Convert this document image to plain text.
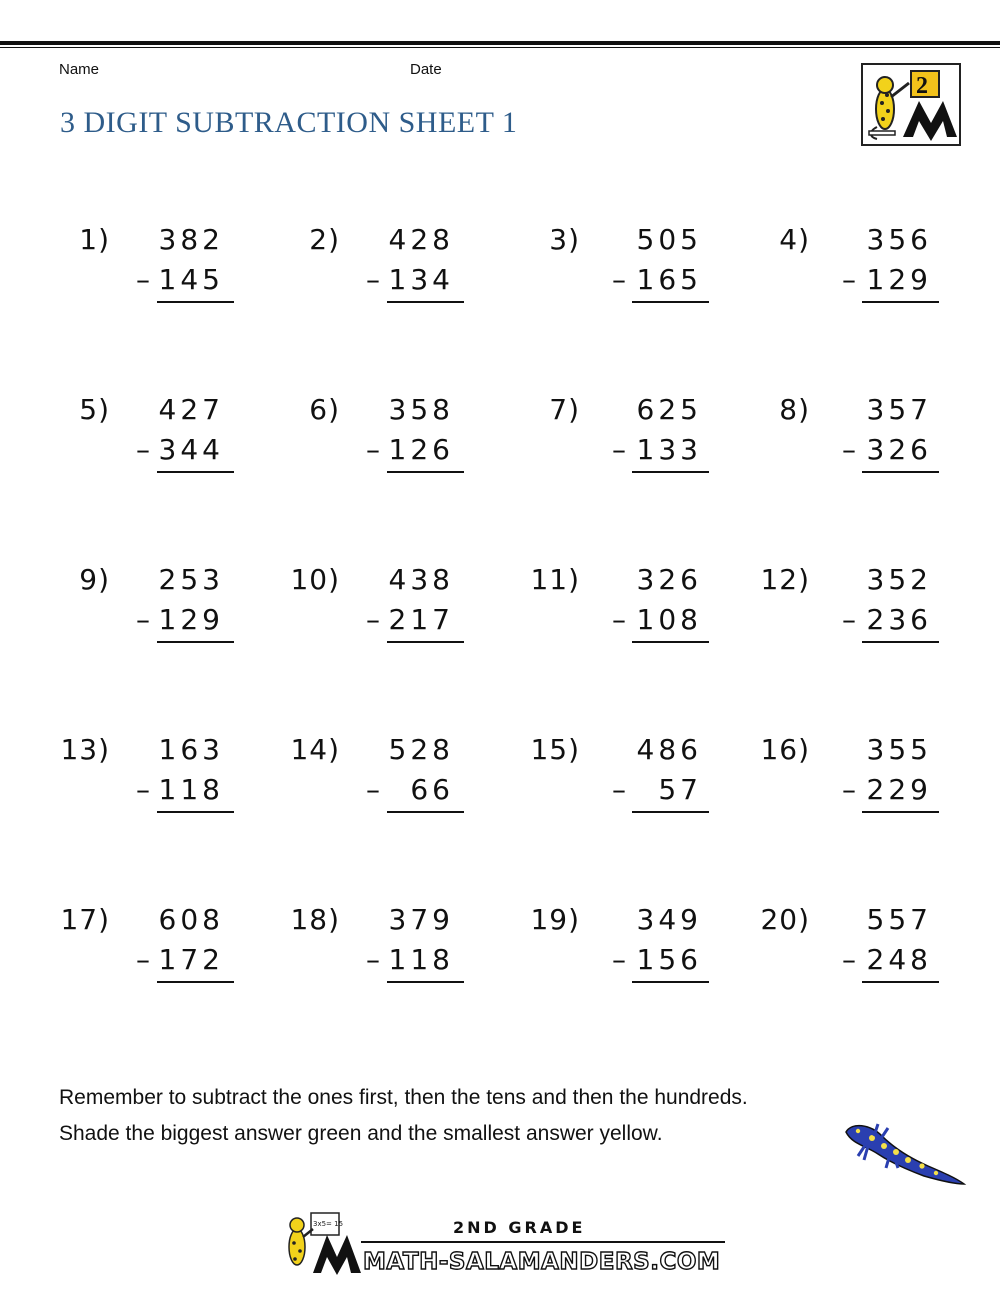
Name	Date
3 DIGIT SUBTRACTION SHEET 1
2
1)	382
– 145
2)	428
– 134
3)	505
– 165
4)	356
– 129
5)	427
– 344
6)	358
– 126
7)	625
– 133
8)	357
– 326
9)	253
– 129
10)	438
– 217
11)	326
– 108
12)	352
– 236
13)	163
– 118
14)	528
–	66
15)	486
–	57
16)	355
– 229
17)	608
– 172
18)	379
– 118
19)	349
– 156
20)	557
– 248
Remember to subtract the ones first, then the tens and then the hundreds.
Shade the biggest answer green and the smallest answer yellow.
3x5= 15	2ND GRADE
MATH-SALAMANDERS.COM
